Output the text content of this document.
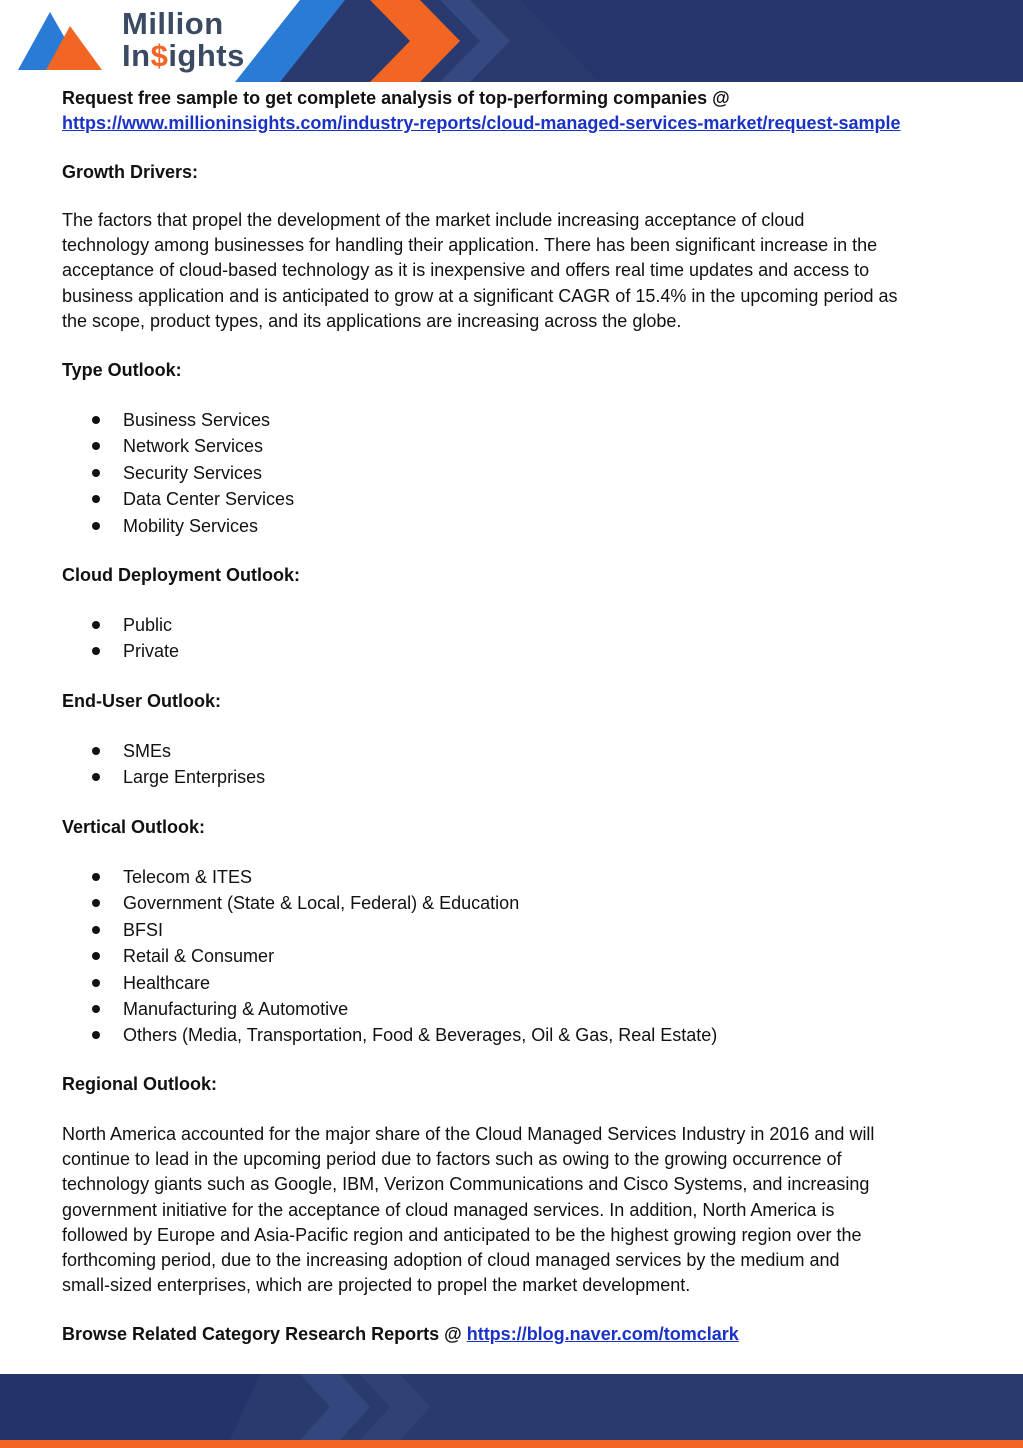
Million
In$ights
Request free sample to get complete analysis of top-performing companies @
https://www.millioninsights.com/industry-reports/cloud-managed-services-market/request-sample
Growth Drivers:
The factors that propel the development of the market include increasing acceptance of cloud
technology among businesses for handling their application. There has been significant increase in the
acceptance of cloud-based technology as it is inexpensive and offers real time updates and access to
business application and is anticipated to grow at a significant CAGR of 15.4% in the upcoming period as
the scope, product types, and its applications are increasing across the globe.
Type Outlook:
Business Services
Network Services
Security Services
Data Center Services
Mobility Services
Cloud Deployment Outlook:
Public
Private
End-User Outlook:
SMEs
Large Enterprises
Vertical Outlook:
Telecom & ITES
Government (State & Local, Federal) & Education
BFSI
Retail & Consumer
Healthcare
Manufacturing & Automotive
Others (Media, Transportation, Food & Beverages, Oil & Gas, Real Estate)
Regional Outlook:
North America accounted for the major share of the Cloud Managed Services Industry in 2016 and will
continue to lead in the upcoming period due to factors such as owing to the growing occurrence of
technology giants such as Google, IBM, Verizon Communications and Cisco Systems, and increasing
government initiative for the acceptance of cloud managed services. In addition, North America is
followed by Europe and Asia-Pacific region and anticipated to be the highest growing region over the
forthcoming period, due to the increasing adoption of cloud managed services by the medium and
small-sized enterprises, which are projected to propel the market development.
Browse Related Category Research Reports @ https://blog.naver.com/tomclark
